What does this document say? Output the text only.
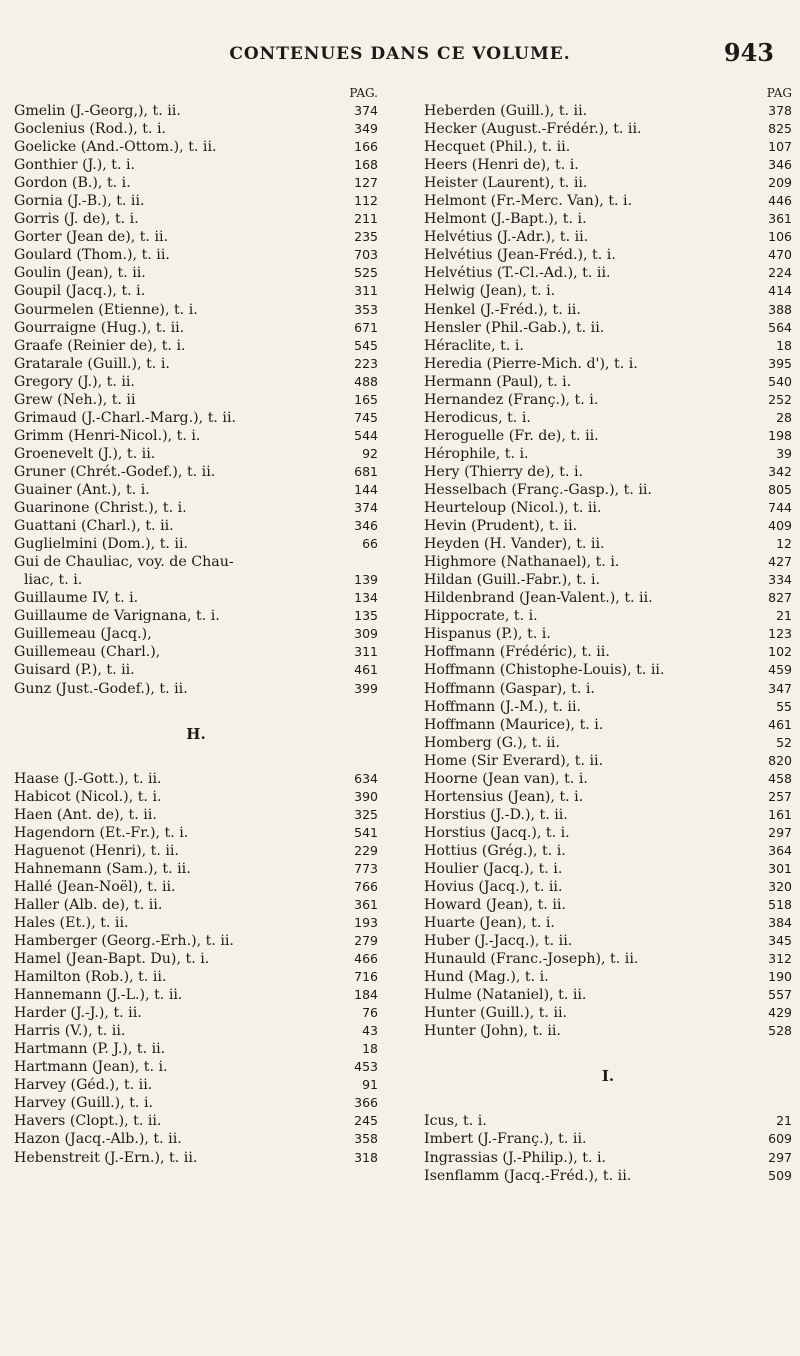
CONTENUES DANS CE VOLUME.	943
PAG.
Gmelin (J.-Georg,), t. ii.	374
Goclenius (Rod.), t. i.	349
Goelicke (And.-Ottom.), t. ii.	166
Gonthier (J.), t. i.	168
Gordon (B.), t. i.	127
Gornia (J.-B.), t. ii.	112
Gorris (J. de), t. i.	211
Gorter (Jean de), t. ii.	235
Goulard (Thom.), t. ii.	703
Goulin (Jean), t. ii.	525
Goupil (Jacq.), t. i.	311
Gourmelen (Etienne), t. i.	353
Gourraigne (Hug.), t. ii.	671
Graafe (Reinier de), t. i.	545
Gratarale (Guill.), t. i.	223
Gregory (J.), t. ii.	488
Grew (Neh.), t. ii	165
Grimaud (J.-Charl.-Marg.), t. ii.	745
Grimm (Henri-Nicol.), t. i.	544
Groenevelt (J.), t. ii.	92
Gruner (Chrét.-Godef.), t. ii.	681
Guainer (Ant.), t. i.	144
Guarinone (Christ.), t. i.	374
Guattani (Charl.), t. ii.	346
Guglielmini (Dom.), t. ii.	66
Gui de Chauliac, voy. de Chau-
liac, t. i.	139
Guillaume IV, t. i.	134
Guillaume de Varignana, t. i.	135
Guillemeau (Jacq.),	309
Guillemeau (Charl.),	311
Guisard (P.), t. ii.	461
Gunz (Just.-Godef.), t. ii.	399
H.
Haase (J.-Gott.), t. ii.	634
Habicot (Nicol.), t. i.	390
Haen (Ant. de), t. ii.	325
Hagendorn (Et.-Fr.), t. i.	541
Haguenot (Henri), t. ii.	229
Hahnemann (Sam.), t. ii.	773
Hallé (Jean-Noël), t. ii.	766
Haller (Alb. de), t. ii.	361
Hales (Et.), t. ii.	193
Hamberger (Georg.-Erh.), t. ii.	279
Hamel (Jean-Bapt. Du), t. i.	466
Hamilton (Rob.), t. ii.	716
Hannemann (J.-L.), t. ii.	184
Harder (J.-J.), t. ii.	76
Harris (V.), t. ii.	43
Hartmann (P. J.), t. ii.	18
Hartmann (Jean), t. i.	453
Harvey (Géd.), t. ii.	91
Harvey (Guill.), t. i.	366
Havers (Clopt.), t. ii.	245
Hazon (Jacq.-Alb.), t. ii.	358
Hebenstreit (J.-Ern.), t. ii.	318
PAG
Heberden (Guill.), t. ii.	378
Hecker (August.-Frédér.), t. ii.	825
Hecquet (Phil.), t. ii.	107
Heers (Henri de), t. i.	346
Heister (Laurent), t. ii.	209
Helmont (Fr.-Merc. Van), t. i.	446
Helmont (J.-Bapt.), t. i.	361
Helvétius (J.-Adr.), t. ii.	106
Helvétius (Jean-Fréd.), t. i.	470
Helvétius (T.-Cl.-Ad.), t. ii.	224
Helwig (Jean), t. i.	414
Henkel (J.-Fréd.), t. ii.	388
Hensler (Phil.-Gab.), t. ii.	564
Héraclite, t. i.	18
Heredia (Pierre-Mich. d'), t. i.	395
Hermann (Paul), t. i.	540
Hernandez (Franç.), t. i.	252
Herodicus, t. i.	28
Heroguelle (Fr. de), t. ii.	198
Hérophile, t. i.	39
Hery (Thierry de), t. i.	342
Hesselbach (Franç.-Gasp.), t. ii.	805
Heurteloup (Nicol.), t. ii.	744
Hevin (Prudent), t. ii.	409
Heyden (H. Vander), t. ii.	12
Highmore (Nathanael), t. i.	427
Hildan (Guill.-Fabr.), t. i.	334
Hildenbrand (Jean-Valent.), t. ii.	827
Hippocrate, t. i.	21
Hispanus (P.), t. i.	123
Hoffmann (Frédéric), t. ii.	102
Hoffmann (Chistophe-Louis), t. ii.	459
Hoffmann (Gaspar), t. i.	347
Hoffmann (J.-M.), t. ii.	55
Hoffmann (Maurice), t. i.	461
Homberg (G.), t. ii.	52
Home (Sir Everard), t. ii.	820
Hoorne (Jean van), t. i.	458
Hortensius (Jean), t. i.	257
Horstius (J.-D.), t. ii.	161
Horstius (Jacq.), t. i.	297
Hottius (Grég.), t. i.	364
Houlier (Jacq.), t. i.	301
Hovius (Jacq.), t. ii.	320
Howard (Jean), t. ii.	518
Huarte (Jean), t. i.	384
Huber (J.-Jacq.), t. ii.	345
Hunauld (Franc.-Joseph), t. ii.	312
Hund (Mag.), t. i.	190
Hulme (Nataniel), t. ii.	557
Hunter (Guill.), t. ii.	429
Hunter (John), t. ii.	528
I.
Icus, t. i.	21
Imbert (J.-Franç.), t. ii.	609
Ingrassias (J.-Philip.), t. i.	297
Isenflamm (Jacq.-Fréd.), t. ii.	509
